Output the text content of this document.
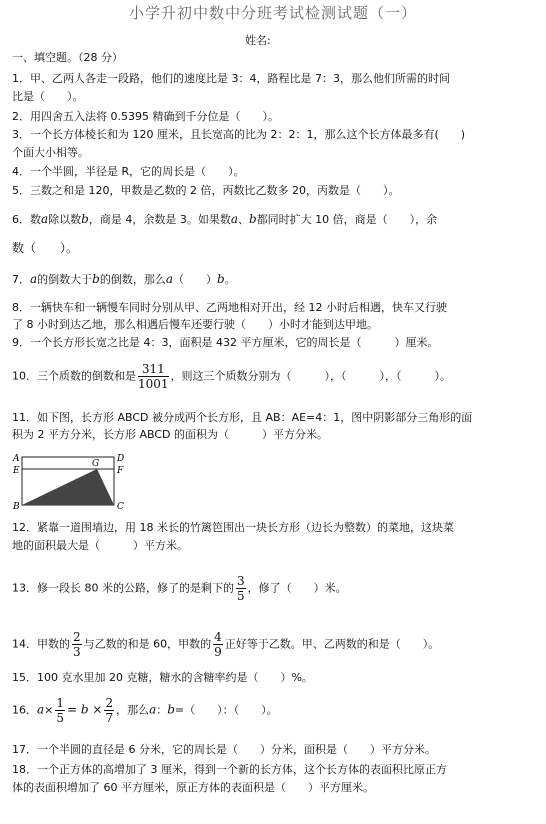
小学升初中数中分班考试检测试题（一）
姓名:
一、填空题。（28 分）
1．甲、乙两人各走一段路，他们的速度比是 3：4，路程比是 7：3，那么他们所需的时间
比是（　　）。
2．用四舍五入法将 0.5395 精确到千分位是（　　）。
3．一个长方体棱长和为 120 厘米，且长宽高的比为 2：2：1，那么这个长方体最多有(　　)
个面大小相等。
4．一个半圆，半径是 R，它的周长是（　　）。
5．三数之和是 120，甲数是乙数的 2 倍，丙数比乙数多 20，丙数是（　　）。
6．数a除以数b，商是 4，余数是 3。如果数a、b都同时扩大 10 倍，商是（　　），余
数（　　）。
7．a的倒数大于b的倒数，那么a（　　）b。
8．一辆快车和一辆慢车同时分别从甲、乙两地相对开出，经 12 小时后相遇，快车又行驶
了 8 小时到达乙地，那么相遇后慢车还要行驶（　　）小时才能到达甲地。
9．一个长方形长宽之比是 4：3，面积是 432 平方厘米，它的周长是（　　　）厘米。
10．三个质数的倒数和是 $\frac{311}{1001}$ ，则这三个质数分别为（　　　），（　　　），（　　　）。
11．如下图，长方形 ABCD 被分成两个长方形，且 AB：AE=4：1，图中阴影部分三角形的面
积为 2 平方分米，长方形 ABCD 的面积为（　　　）平方分米。
A	D
E	F
G
B	C
12．紧靠一道围墙边，用 18 米长的竹篱笆围出一块长方形（边长为整数）的菜地，这块菜
地的面积最大是（　　　）平方米。
13．修一段长 80 米的公路，修了的是剩下的 $\frac{3}{5}$ ，修了（　　）米。
14．甲数的 $\frac{2}{3}$ 与乙数的和是 60，甲数的 $\frac{4}{9}$ 正好等于乙数。甲、乙两数的和是（　　）。
15．100 克水里加 20 克糖，糖水的含糖率约是（　　）%。
16．$a\times \frac{1}{5} = b \times \frac{2}{7}$ ，那么a：b=（　　）：（　　）。
17．一个半圆的直径是 6 分米，它的周长是（　　）分米，面积是（　　）平方分米。
18．一个正方体的高增加了 3 厘米，得到一个新的长方体，这个长方体的表面积比原正方
体的表面积增加了 60 平方厘米，原正方体的表面积是（　　）平方厘米。
